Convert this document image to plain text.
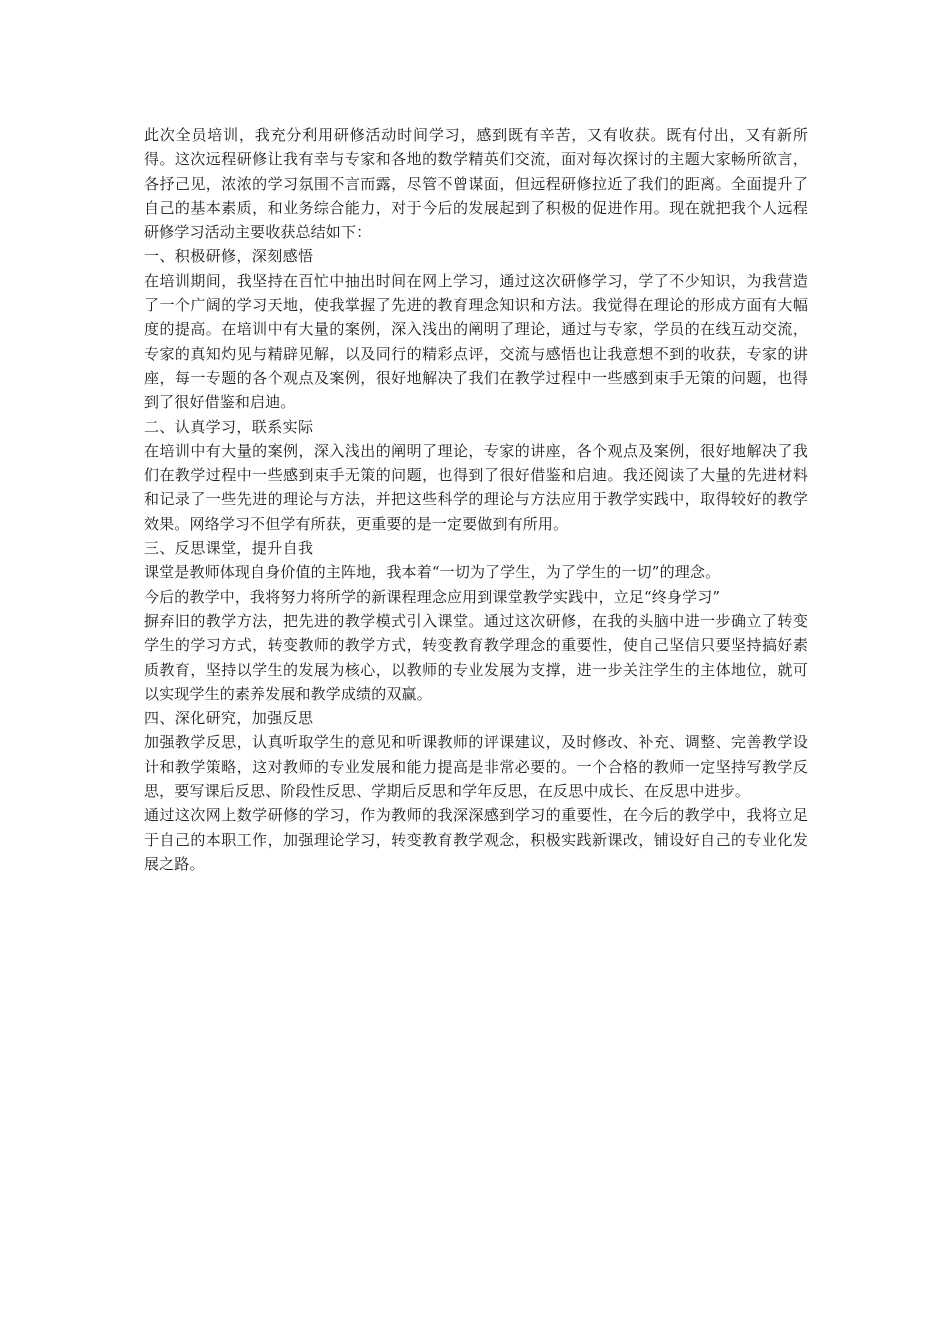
此次全员培训，我充分利用研修活动时间学习，感到既有辛苦，又有收获。既有付出，又有新所得。这次远程研修让我有幸与专家和各地的数学精英们交流，面对每次探讨的主题大家畅所欲言，各抒己见，浓浓的学习氛围不言而露，尽管不曾谋面，但远程研修拉近了我们的距离。全面提升了自己的基本素质，和业务综合能力，对于今后的发展起到了积极的促进作用。现在就把我个人远程研修学习活动主要收获总结如下：

一、积极研修，深刻感悟

在培训期间，我坚持在百忙中抽出时间在网上学习，通过这次研修学习，学了不少知识，为我营造了一个广阔的学习天地，使我掌握了先进的教育理念知识和方法。我觉得在理论的形成方面有大幅度的提高。在培训中有大量的案例，深入浅出的阐明了理论，通过与专家，学员的在线互动交流，专家的真知灼见与精辟见解，以及同行的精彩点评，交流与感悟也让我意想不到的收获，专家的讲座，每一专题的各个观点及案例，很好地解决了我们在教学过程中一些感到束手无策的问题，也得到了很好借鉴和启迪。

二、认真学习，联系实际

在培训中有大量的案例，深入浅出的阐明了理论，专家的讲座，各个观点及案例，很好地解决了我们在教学过程中一些感到束手无策的问题，也得到了很好借鉴和启迪。我还阅读了大量的先进材料和记录了一些先进的理论与方法，并把这些科学的理论与方法应用于教学实践中，取得较好的教学效果。网络学习不但学有所获，更重要的是一定要做到有所用。

三、反思课堂，提升自我

课堂是教师体现自身价值的主阵地，我本着“一切为了学生，为了学生的一切”的理念。

今后的教学中，我将努力将所学的新课程理念应用到课堂教学实践中，立足“终身学习”

摒弃旧的教学方法，把先进的教学模式引入课堂。通过这次研修，在我的头脑中进一步确立了转变学生的学习方式，转变教师的教学方式，转变教育教学理念的重要性，使自己坚信只要坚持搞好素质教育，坚持以学生的发展为核心，以教师的专业发展为支撑，进一步关注学生的主体地位，就可以实现学生的素养发展和教学成绩的双赢。

四、深化研究，加强反思

加强教学反思，认真听取学生的意见和听课教师的评课建议，及时修改、补充、调整、完善教学设计和教学策略，这对教师的专业发展和能力提高是非常必要的。一个合格的教师一定坚持写教学反思，要写课后反思、阶段性反思、学期后反思和学年反思，在反思中成长、在反思中进步。

通过这次网上数学研修的学习，作为教师的我深深感到学习的重要性，在今后的教学中，我将立足于自己的本职工作，加强理论学习，转变教育教学观念，积极实践新课改，铺设好自己的专业化发展之路。
